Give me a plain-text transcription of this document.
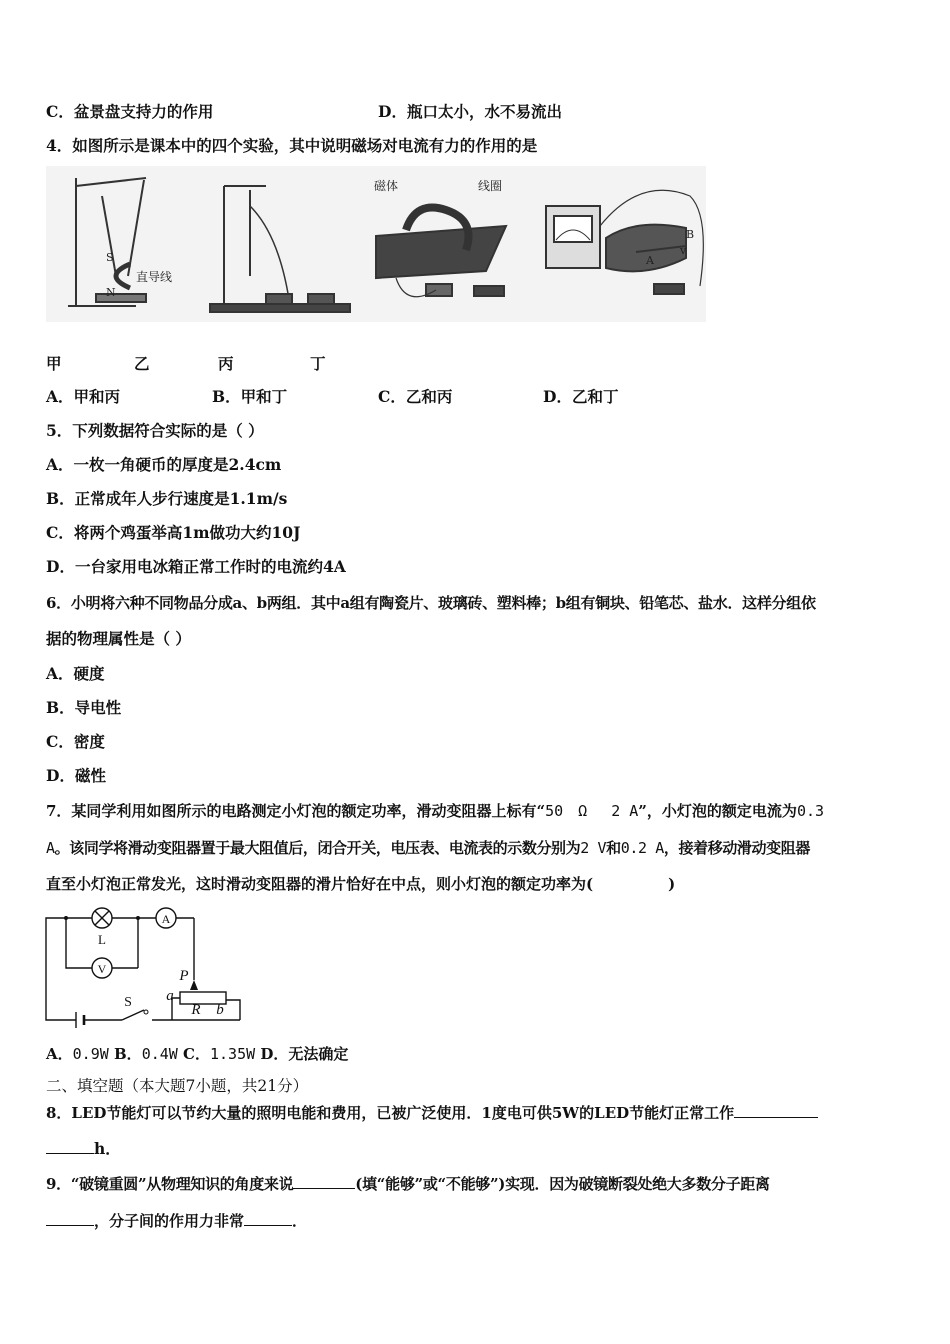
C．盆景盘支持力的作用	D．瓶口太小，水不易流出
4．如图所示是课本中的四个实验，其中说明磁场对电流有力的作用的是
S
N
直导线
磁体	线圈
B
A
v
甲	乙	丙	丁
A．甲和丙	B．甲和丁	C．乙和丙	D．乙和丁
5．下列数据符合实际的是（ ）
A．一枚一角硬币的厚度是2.4cm
B．正常成年人步行速度是1.1m/s
C．将两个鸡蛋举高1m做功大约10J
D．一台家用电冰箱正常工作时的电流约4A
6．小明将六种不同物品分成a、b两组．其中a组有陶瓷片、玻璃砖、塑料棒；b组有铜块、铅笔芯、盐水．这样分组依
据的物理属性是（ ）
A．硬度
B．导电性
C．密度
D．磁性
7．某同学利用如图所示的电路测定小灯泡的额定功率，滑动变阻器上标有“50　Ω　 2 A”，小灯泡的额定电流为0.3
A。该同学将滑动变阻器置于最大阻值后，闭合开关，电压表、电流表的示数分别为2 V和0.2 A，接着移动滑动变阻器
直至小灯泡正常发光，这时滑动变阻器的滑片恰好在中点，则小灯泡的额定功率为(　　　　　)
L
A
V	P
a
R b
S
A．0.9W B．0.4W C．1.35W D．无法确定
二、填空题（本大题7小题，共21分）
8．LED节能灯可以节约大量的照明电能和费用，已被广泛使用．1度电可供5W的LED节能灯正常工作
h．
9．“破镜重圆”从物理知识的角度来说	(填“能够”或“不能够”)实现．因为破镜断裂处绝大多数分子距离
，分子间的作用力非常	．
